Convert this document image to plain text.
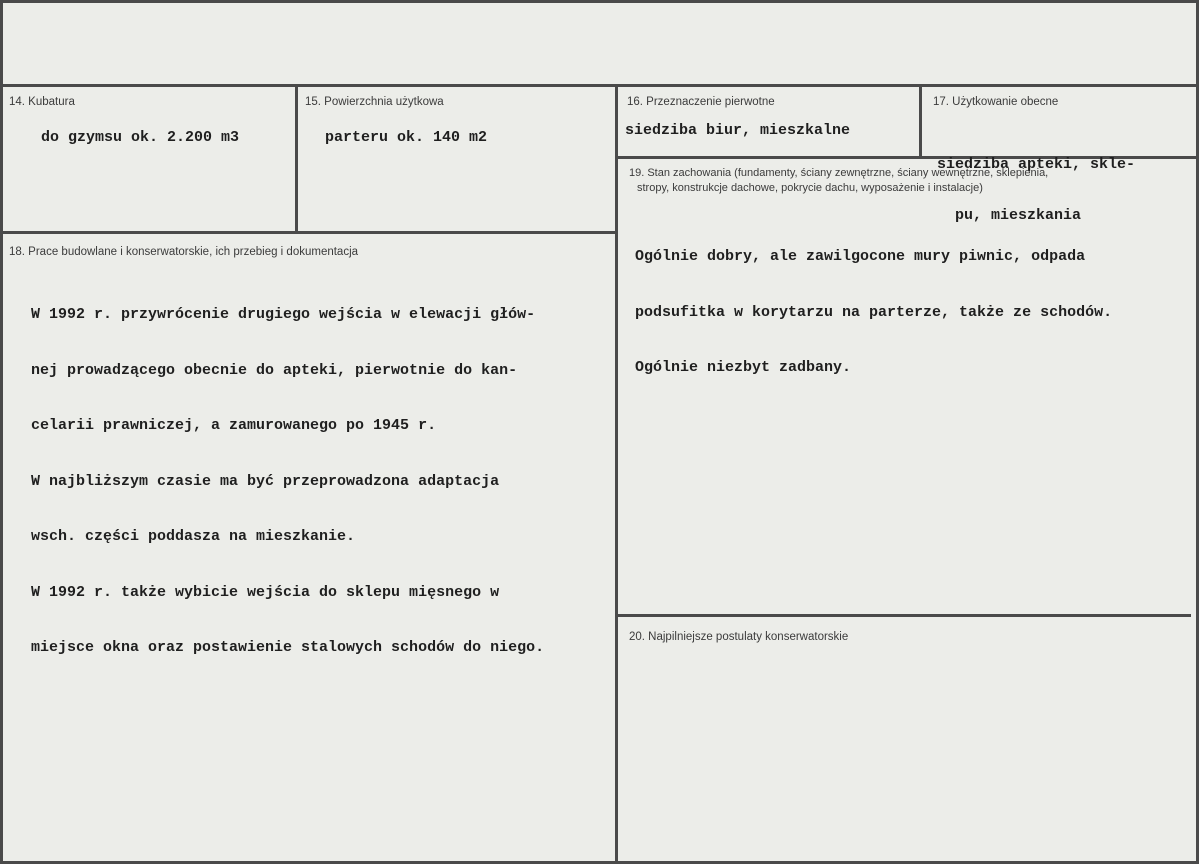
14. Kubatura
do gzymsu ok. 2.200 m3
15. Powierzchnia użytkowa
parteru ok. 140 m2
16. Przeznaczenie pierwotne
siedziba biur, mieszkalne
17. Użytkowanie obecne

siedziba apteki, skle-

pu, mieszkania

19. Stan zachowania (fundamenty, ściany zewnętrzne, ściany wewnętrzne, sklepienia,
stropy, konstrukcje dachowe, pokrycie dachu, wyposażenie i instalacje)

Ogólnie dobry, ale zawilgocone mury piwnic, odpada

podsufitka w korytarzu na parterze, także ze schodów.

Ogólnie niezbyt zadbany.

18. Prace budowlane i konserwatorskie, ich przebieg i dokumentacja

W 1992 r. przywrócenie drugiego wejścia w elewacji głów-

nej prowadzącego obecnie do apteki, pierwotnie do kan-

celarii prawniczej, a zamurowanego po 1945 r.

W najbliższym czasie ma być przeprowadzona adaptacja

wsch. części poddasza na mieszkanie.

W 1992 r. także wybicie wejścia do sklepu mięsnego w

miejsce okna oraz postawienie stalowych schodów do niego.

20. Najpilniejsze postulaty konserwatorskie
